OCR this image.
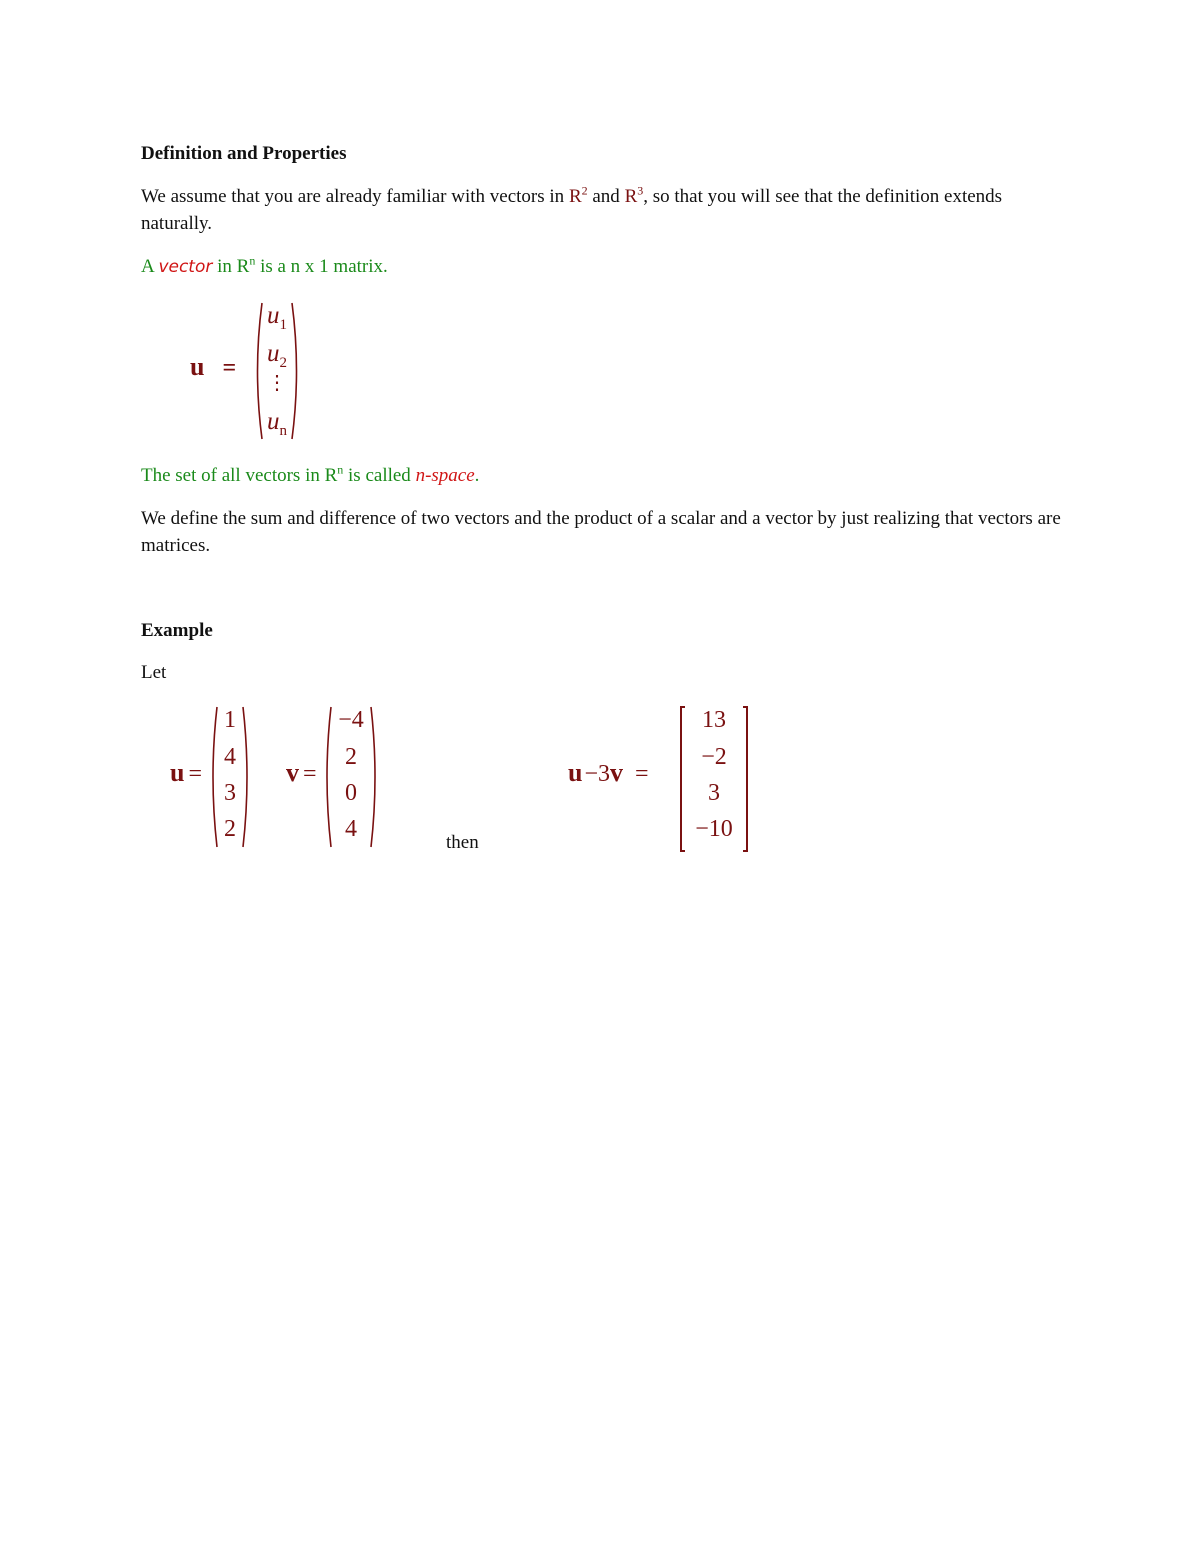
Definition and Properties
We assume that you are already familiar with vectors in $R^2$ and $R^3$, so that you will see that the definition extends naturally.
A vector in $R^n$ is a n x 1 matrix.
u =
$u_1$
$u_2$
⋮
$u_n$
The set of all vectors in $R^n$ is called n-space.
We define the sum and difference of two vectors and the product of a scalar and a vector by just realizing that vectors are matrices.
Example
Let
u =
1
4
3
2
v =
−4
2
0
4
then
u−3v =
13
−2
3
−10
